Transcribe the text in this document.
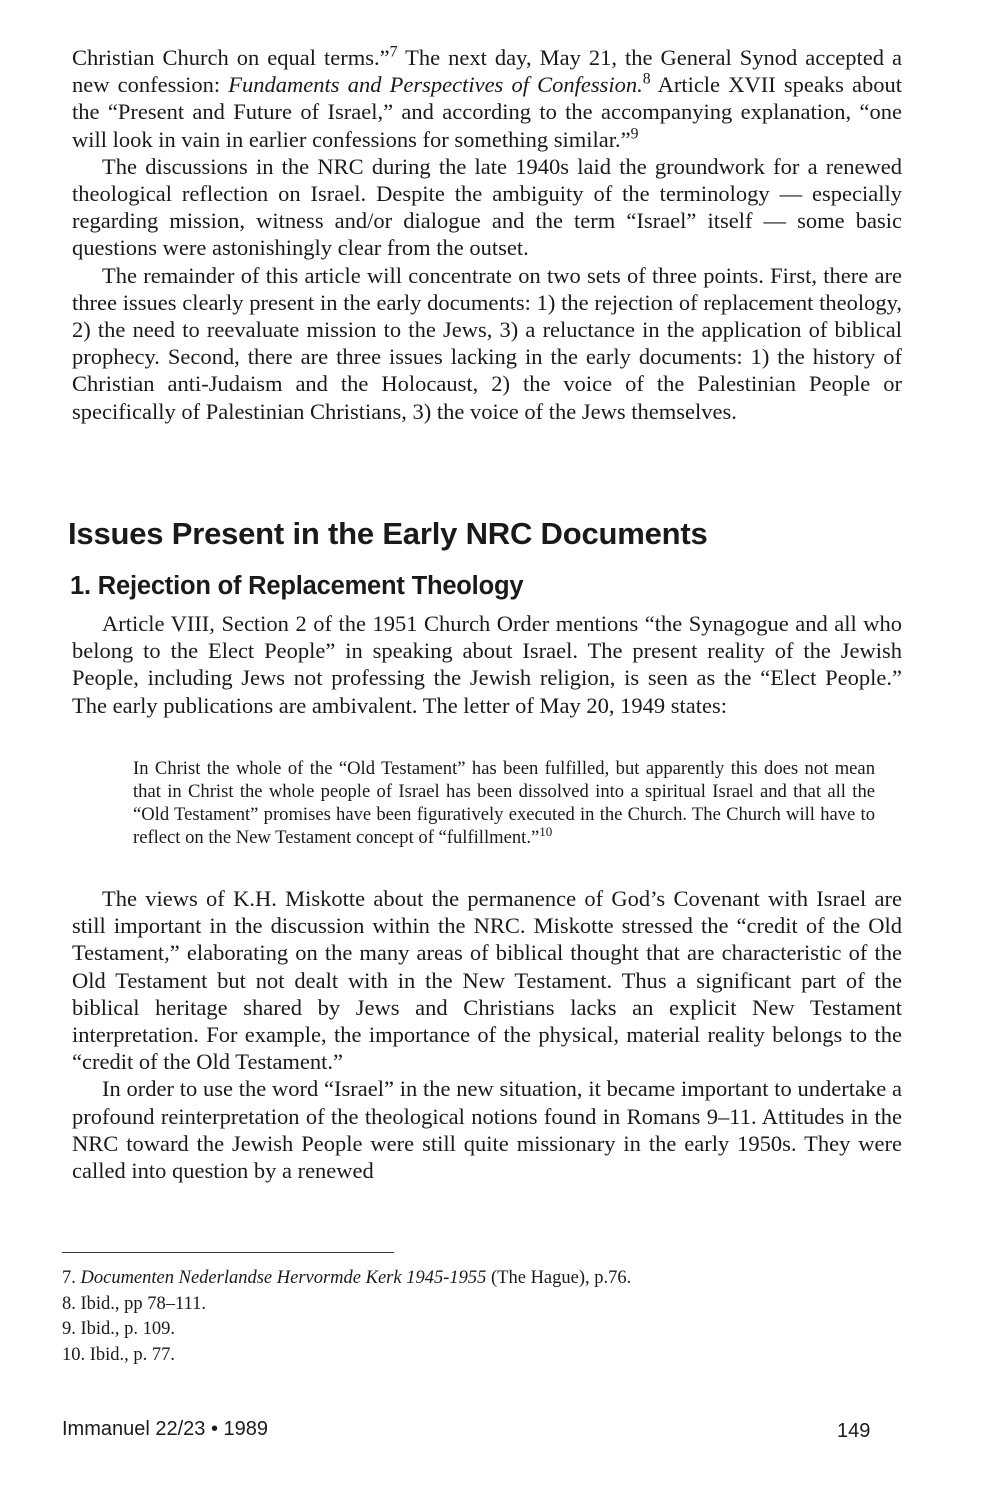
Christian Church on equal terms.”$^7$ The next day, May 21, the General Synod accepted a new confession: Fundaments and Perspectives of Confession.$^8$ Article XVII speaks about the “Present and Future of Israel,” and according to the accompanying explanation, “one will look in vain in earlier confessions for something similar.”$^9$

The discussions in the NRC during the late 1940s laid the groundwork for a renewed theological reflection on Israel. Despite the ambiguity of the terminology — especially regarding mission, witness and/or dialogue and the term “Israel” itself — some basic questions were astonishingly clear from the outset.

The remainder of this article will concentrate on two sets of three points. First, there are three issues clearly present in the early documents: 1) the rejection of replacement theology, 2) the need to reevaluate mission to the Jews, 3) a reluctance in the application of biblical prophecy. Second, there are three issues lacking in the early documents: 1) the history of Christian anti-Judaism and the Holocaust, 2) the voice of the Palestinian People or specifically of Palestinian Christians, 3) the voice of the Jews themselves.

Issues Present in the Early NRC Documents
1. Rejection of Replacement Theology

Article VIII, Section 2 of the 1951 Church Order mentions “the Synagogue and all who belong to the Elect People” in speaking about Israel. The present reality of the Jewish People, including Jews not professing the Jewish religion, is seen as the “Elect People.” The early publications are ambivalent. The letter of May 20, 1949 states:

In Christ the whole of the “Old Testament” has been fulfilled, but apparently this does not mean that in Christ the whole people of Israel has been dissolved into a spiritual Israel and that all the “Old Testament” promises have been figuratively executed in the Church. The Church will have to reflect on the New Testament concept of “fulfillment.”$^{10}$

The views of K.H. Miskotte about the permanence of God’s Covenant with Israel are still important in the discussion within the NRC. Miskotte stressed the “credit of the Old Testament,” elaborating on the many areas of biblical thought that are characteristic of the Old Testament but not dealt with in the New Testament. Thus a significant part of the biblical heritage shared by Jews and Christians lacks an explicit New Testament interpretation. For example, the importance of the physical, material reality belongs to the “credit of the Old Testament.”

In order to use the word “Israel” in the new situation, it became important to undertake a profound reinterpretation of the theological notions found in Romans 9–11. Attitudes in the NRC toward the Jewish People were still quite missionary in the early 1950s. They were called into question by a renewed

7. Documenten Nederlandse Hervormde Kerk 1945-1955 (The Hague), p.76.
8. Ibid., pp 78–111.
9. Ibid., p. 109.
10. Ibid., p. 77.
Immanuel 22/23 • 1989	149
